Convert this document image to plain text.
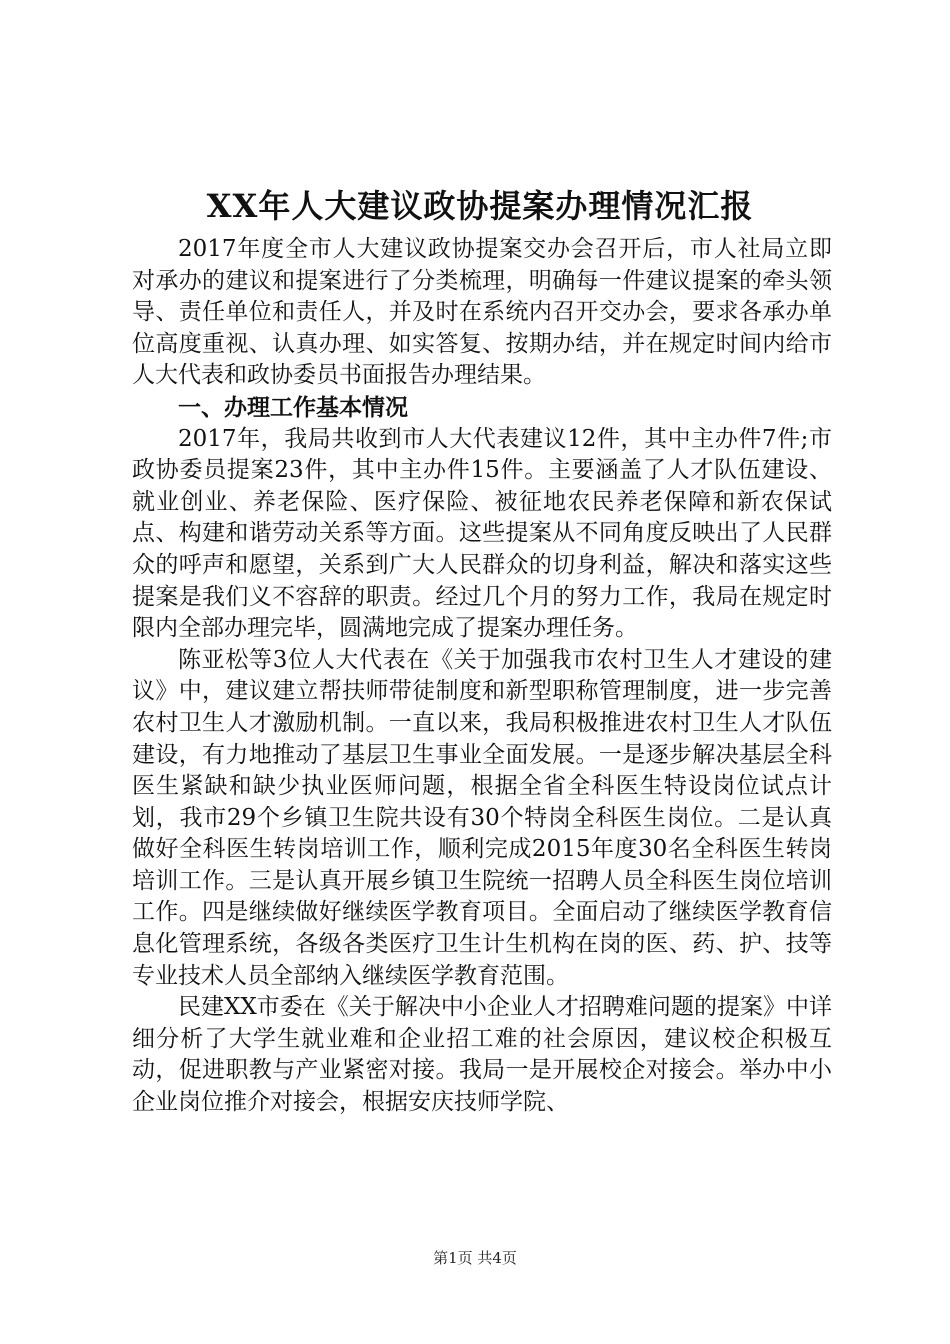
XX年人大建议政协提案办理情况汇报

2017年度全市人大建议政协提案交办会召开后，市人社局立即对承办的建议和提案进行了分类梳理，明确每一件建议提案的牵头领导、责任单位和责任人，并及时在系统内召开交办会，要求各承办单位高度重视、认真办理、如实答复、按期办结，并在规定时间内给市人大代表和政协委员书面报告办理结果。

一、办理工作基本情况

2017年，我局共收到市人大代表建议12件，其中主办件7件;市政协委员提案23件，其中主办件15件。主要涵盖了人才队伍建设、就业创业、养老保险、医疗保险、被征地农民养老保障和新农保试点、构建和谐劳动关系等方面。这些提案从不同角度反映出了人民群众的呼声和愿望，关系到广大人民群众的切身利益，解决和落实这些提案是我们义不容辞的职责。经过几个月的努力工作，我局在规定时限内全部办理完毕，圆满地完成了提案办理任务。

陈亚松等3位人大代表在《关于加强我市农村卫生人才建设的建议》中，建议建立帮扶师带徒制度和新型职称管理制度，进一步完善农村卫生人才激励机制。一直以来，我局积极推进农村卫生人才队伍建设，有力地推动了基层卫生事业全面发展。一是逐步解决基层全科医生紧缺和缺少执业医师问题，根据全省全科医生特设岗位试点计划，我市29个乡镇卫生院共设有30个特岗全科医生岗位。二是认真做好全科医生转岗培训工作，顺利完成2015年度30名全科医生转岗培训工作。三是认真开展乡镇卫生院统一招聘人员全科医生岗位培训工作。四是继续做好继续医学教育项目。全面启动了继续医学教育信息化管理系统，各级各类医疗卫生计生机构在岗的医、药、护、技等专业技术人员全部纳入继续医学教育范围。

民建XX市委在《关于解决中小企业人才招聘难问题的提案》中详细分析了大学生就业难和企业招工难的社会原因，建议校企积极互动，促进职教与产业紧密对接。我局一是开展校企对接会。举办中小企业岗位推介对接会，根据安庆技师学院、

第1页 共4页
